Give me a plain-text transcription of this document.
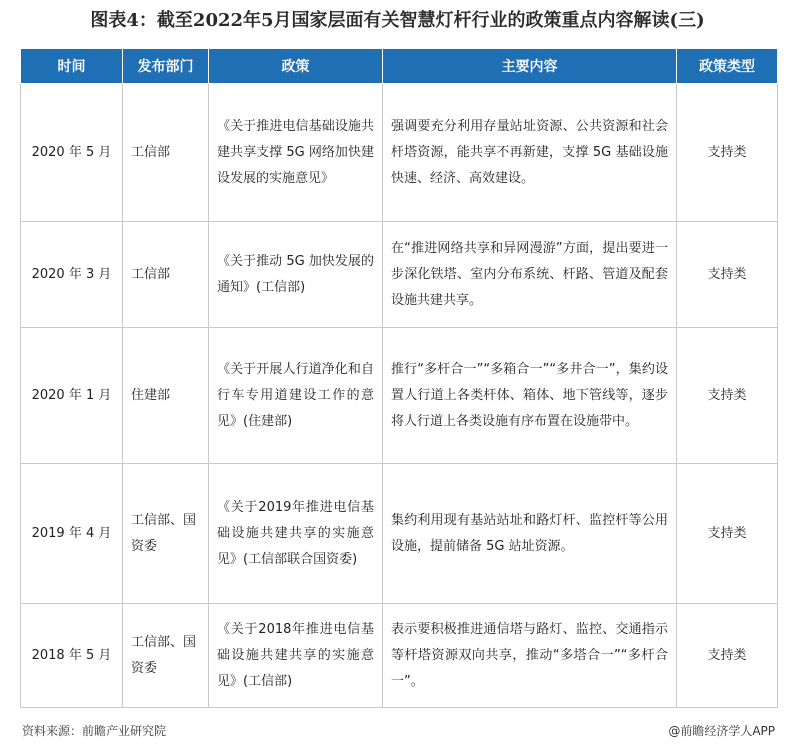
图表4：截至2022年5月国家层面有关智慧灯杆行业的政策重点内容解读(三)
时间	发布部门	政策	主要内容	政策类型
2020 年 5 月	工信部	《关于推进电信基础设施共建共享支撑 5G 网络加快建设发展的实施意见》	强调要充分利用存量站址资源、公共资源和社会杆塔资源，能共享不再新建，支撑 5G 基础设施快速、经济、高效建设。	支持类
2020 年 3 月	工信部	《关于推动 5G 加快发展的通知》(工信部)	在“推进网络共享和异网漫游”方面，提出要进一步深化铁塔、室内分布系统、杆路、管道及配套设施共建共享。	支持类
2020 年 1 月	住建部	《关于开展人行道净化和自行车专用道建设工作的意见》(住建部)	推行“多杆合一”“多箱合一”“多井合一”，集约设置人行道上各类杆体、箱体、地下管线等，逐步将人行道上各类设施有序布置在设施带中。	支持类
2019 年 4 月	工信部、国资委	《关于2019年推进电信基础设施共建共享的实施意见》(工信部联合国资委)	集约利用现有基站站址和路灯杆、监控杆等公用设施，提前储备 5G 站址资源。	支持类
2018 年 5 月	工信部、国资委	《关于2018年推进电信基础设施共建共享的实施意见》(工信部)	表示要积极推进通信塔与路灯、监控、交通指示等杆塔资源双向共享，推动“多塔合一”“多杆合一”。	支持类
资料来源：前瞻产业研究院	@前瞻经济学人APP
